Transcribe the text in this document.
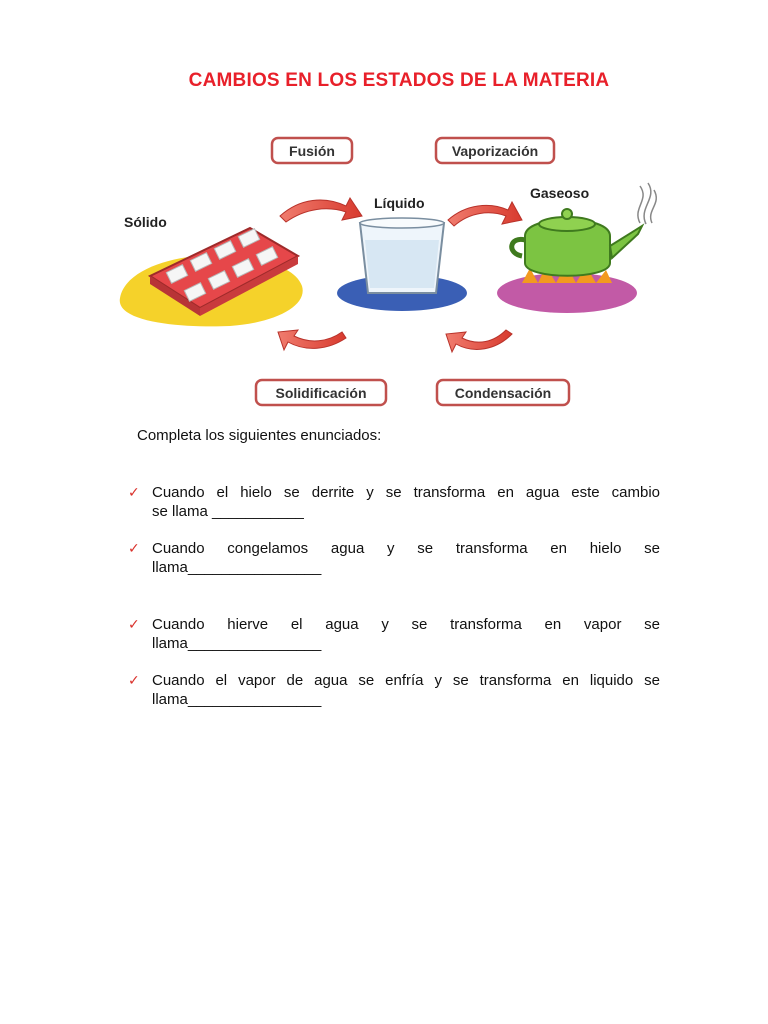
CAMBIOS EN LOS ESTADOS DE LA MATERIA
Fusión	Vaporización
Solidificación	Condensación
Sólido
Líquido
Gaseoso
Completa los siguientes enunciados:
✓ Cuando el hielo se derrite y se transforma en agua este cambio
se llama ___________
✓ Cuando congelamos agua y se transforma en hielo se
llama________________
✓ Cuando hierve el agua y se transforma en vapor se
llama________________
✓ Cuando el vapor de agua se enfría y se transforma en liquido se
llama________________
